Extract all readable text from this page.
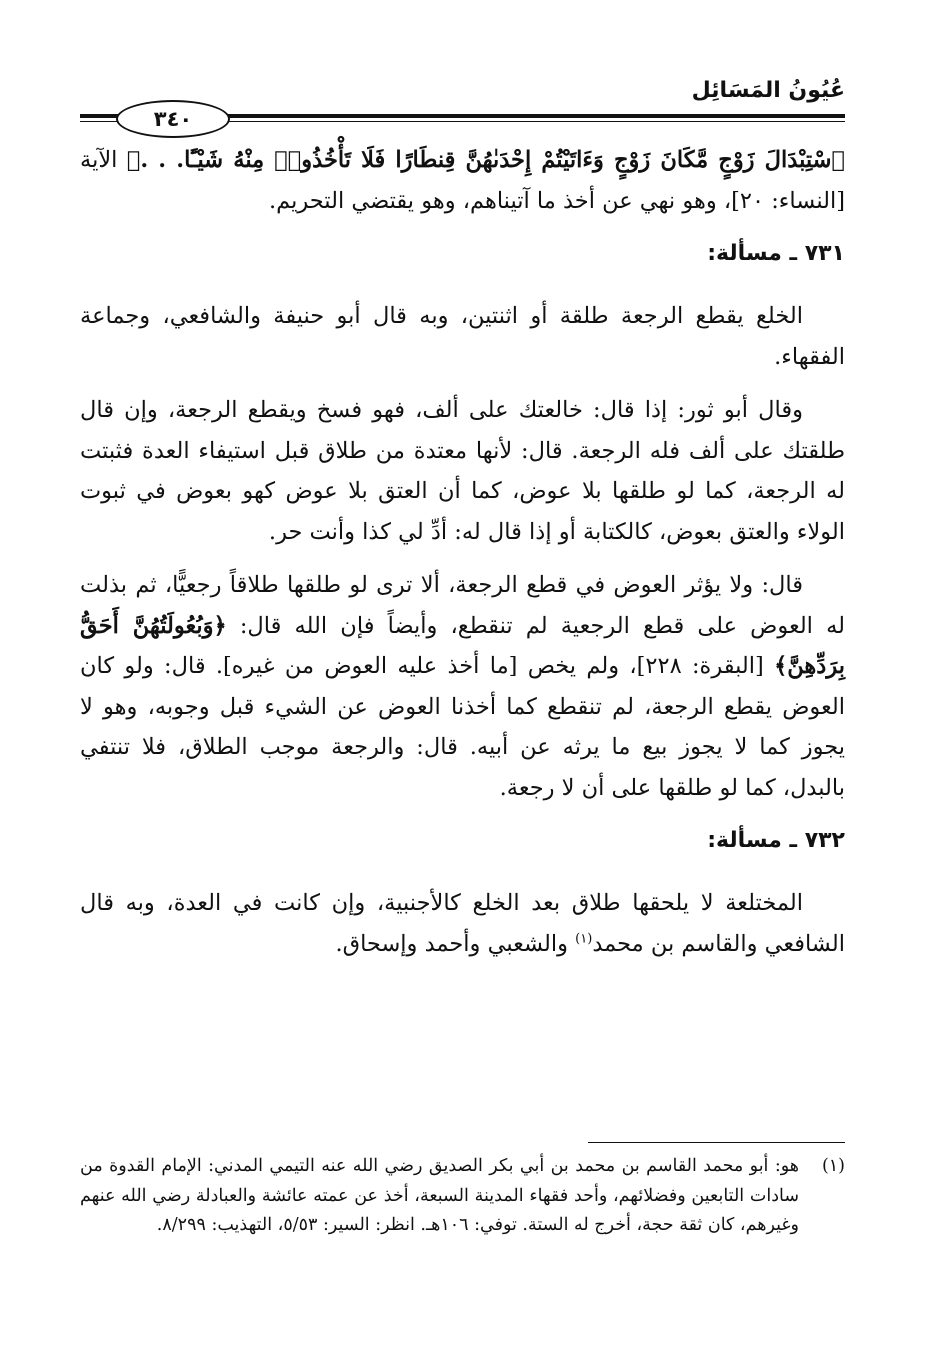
عُيُونُ المَسَائِل
٣٤٠

ٱسْتِبْدَالَ زَوْجٍ مَّكَانَ زَوْجٍ وَءَاتَيْتُمْ إِحْدَىٰهُنَّ قِنطَارًا فَلَا تَأْخُذُوا۟ مِنْهُ شَيْـًٔا. . .﴾ الآية [النساء: ٢٠]، وهو نهي عن أخذ ما آتيناهم، وهو يقتضي التحريم.

٧٣١ ـ مسألة:

الخلع يقطع الرجعة طلقة أو اثنتين، وبه قال أبو حنيفة والشافعي، وجماعة الفقهاء.

وقال أبو ثور: إذا قال: خالعتك على ألف، فهو فسخ ويقطع الرجعة، وإن قال طلقتك على ألف فله الرجعة. قال: لأنها معتدة من طلاق قبل استيفاء العدة فثبتت له الرجعة، كما لو طلقها بلا عوض، كما أن العتق بلا عوض كهو بعوض في ثبوت الولاء والعتق بعوض، كالكتابة أو إذا قال له: أدِّ لي كذا وأنت حر.

قال: ولا يؤثر العوض في قطع الرجعة، ألا ترى لو طلقها طلاقاً رجعيًّا، ثم بذلت له العوض على قطع الرجعية لم تنقطع، وأيضاً فإن الله قال: ﴿وَبُعُولَتُهُنَّ أَحَقُّ بِرَدِّهِنَّ﴾ [البقرة: ٢٢٨]، ولم يخص [ما أخذ عليه العوض من غيره]. قال: ولو كان العوض يقطع الرجعة، لم تنقطع كما أخذنا العوض عن الشيء قبل وجوبه، وهو لا يجوز كما لا يجوز بيع ما يرثه عن أبيه. قال: والرجعة موجب الطلاق، فلا تنتفي بالبدل، كما لو طلقها على أن لا رجعة.

٧٣٢ ـ مسألة:

المختلعة لا يلحقها طلاق بعد الخلع كالأجنبية، وإن كانت في العدة، وبه قال الشافعي والقاسم بن محمد$^{(١)}$ والشعبي وأحمد وإسحاق.

(١)
هو: أبو محمد القاسم بن محمد بن أبي بكر الصديق رضي الله عنه التيمي المدني: الإمام القدوة من سادات التابعين وفضلائهم، وأحد فقهاء المدينة السبعة، أخذ عن عمته عائشة والعبادلة رضي الله عنهم وغيرهم، كان ثقة حجة، أخرج له الستة. توفي: ١٠٦هـ. انظر: السير: ٥/٥٣، التهذيب: ٨/٢٩٩.
